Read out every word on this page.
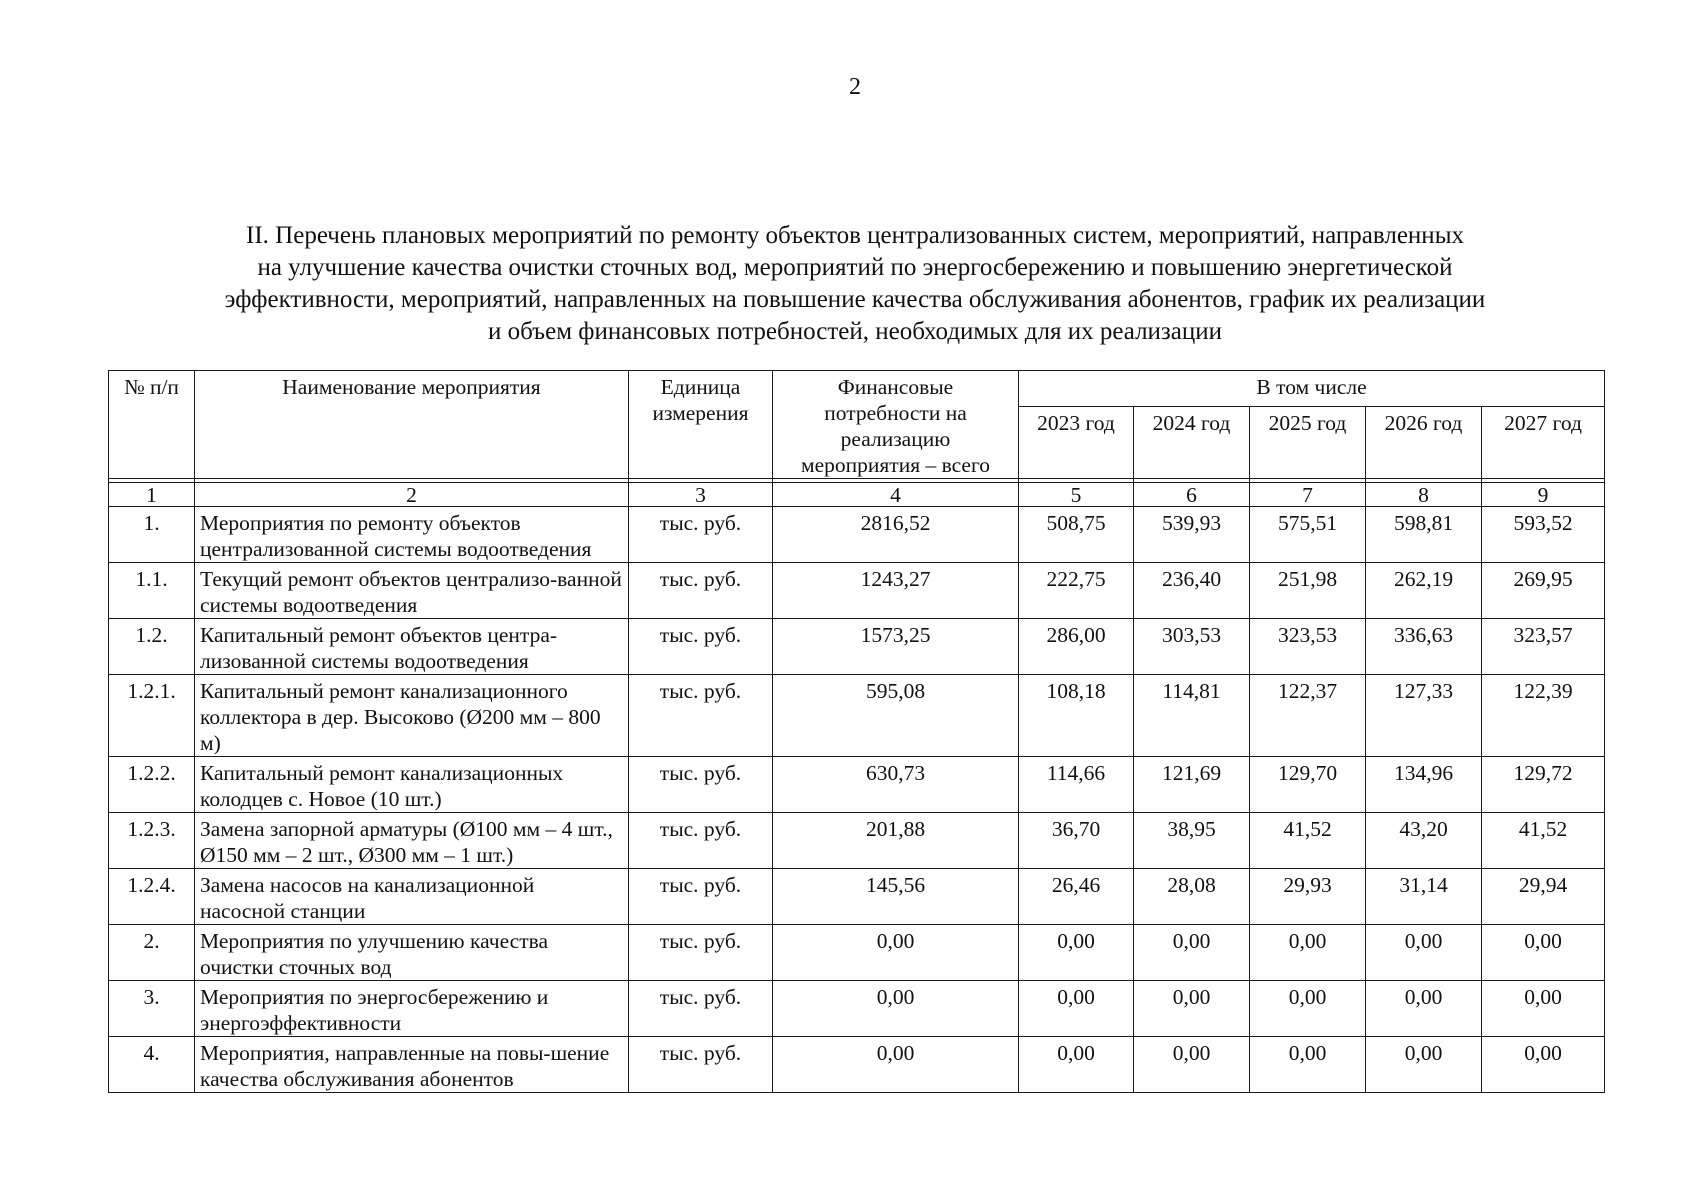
2
II. Перечень плановых мероприятий по ремонту объектов централизованных систем, мероприятий, направленных
на улучшение качества очистки сточных вод, мероприятий по энергосбережению и повышению энергетической
эффективности, мероприятий, направленных на повышение качества обслуживания абонентов, график их реализации
и объем финансовых потребностей, необходимых для их реализации
№ п/п	Наименование мероприятия	Единица измерения	Финансовые потребности на реализацию мероприятия – всего	В том числе				
				2023 год	2024 год	2025 год	2026 год	2027 год

1	2	3	4	5	6	7	8	9
1.	Мероприятия по ремонту объектов централизованной системы водоотведения	тыс. руб.	2816,52	508,75	539,93	575,51	598,81	593,52
1.1.	Текущий ремонт объектов централизо-ванной системы водоотведения	тыс. руб.	1243,27	222,75	236,40	251,98	262,19	269,95
1.2.	Капитальный ремонт объектов центра-лизованной системы водоотведения	тыс. руб.	1573,25	286,00	303,53	323,53	336,63	323,57
1.2.1.	Капитальный ремонт канализационного коллектора в дер. Высоково (Ø200 мм – 800 м)	тыс. руб.	595,08	108,18	114,81	122,37	127,33	122,39
1.2.2.	Капитальный ремонт канализационных колодцев с. Новое (10 шт.)	тыс. руб.	630,73	114,66	121,69	129,70	134,96	129,72
1.2.3.	Замена запорной арматуры (Ø100 мм – 4 шт., Ø150 мм – 2 шт., Ø300 мм – 1 шт.)	тыс. руб.	201,88	36,70	38,95	41,52	43,20	41,52
1.2.4.	Замена насосов на канализационной насосной станции	тыс. руб.	145,56	26,46	28,08	29,93	31,14	29,94
2.	Мероприятия по улучшению качества очистки сточных вод	тыс. руб.	0,00	0,00	0,00	0,00	0,00	0,00
3.	Мероприятия по энергосбережению и энергоэффективности	тыс. руб.	0,00	0,00	0,00	0,00	0,00	0,00
4.	Мероприятия, направленные на повы-шение качества обслуживания абонентов	тыс. руб.	0,00	0,00	0,00	0,00	0,00	0,00
